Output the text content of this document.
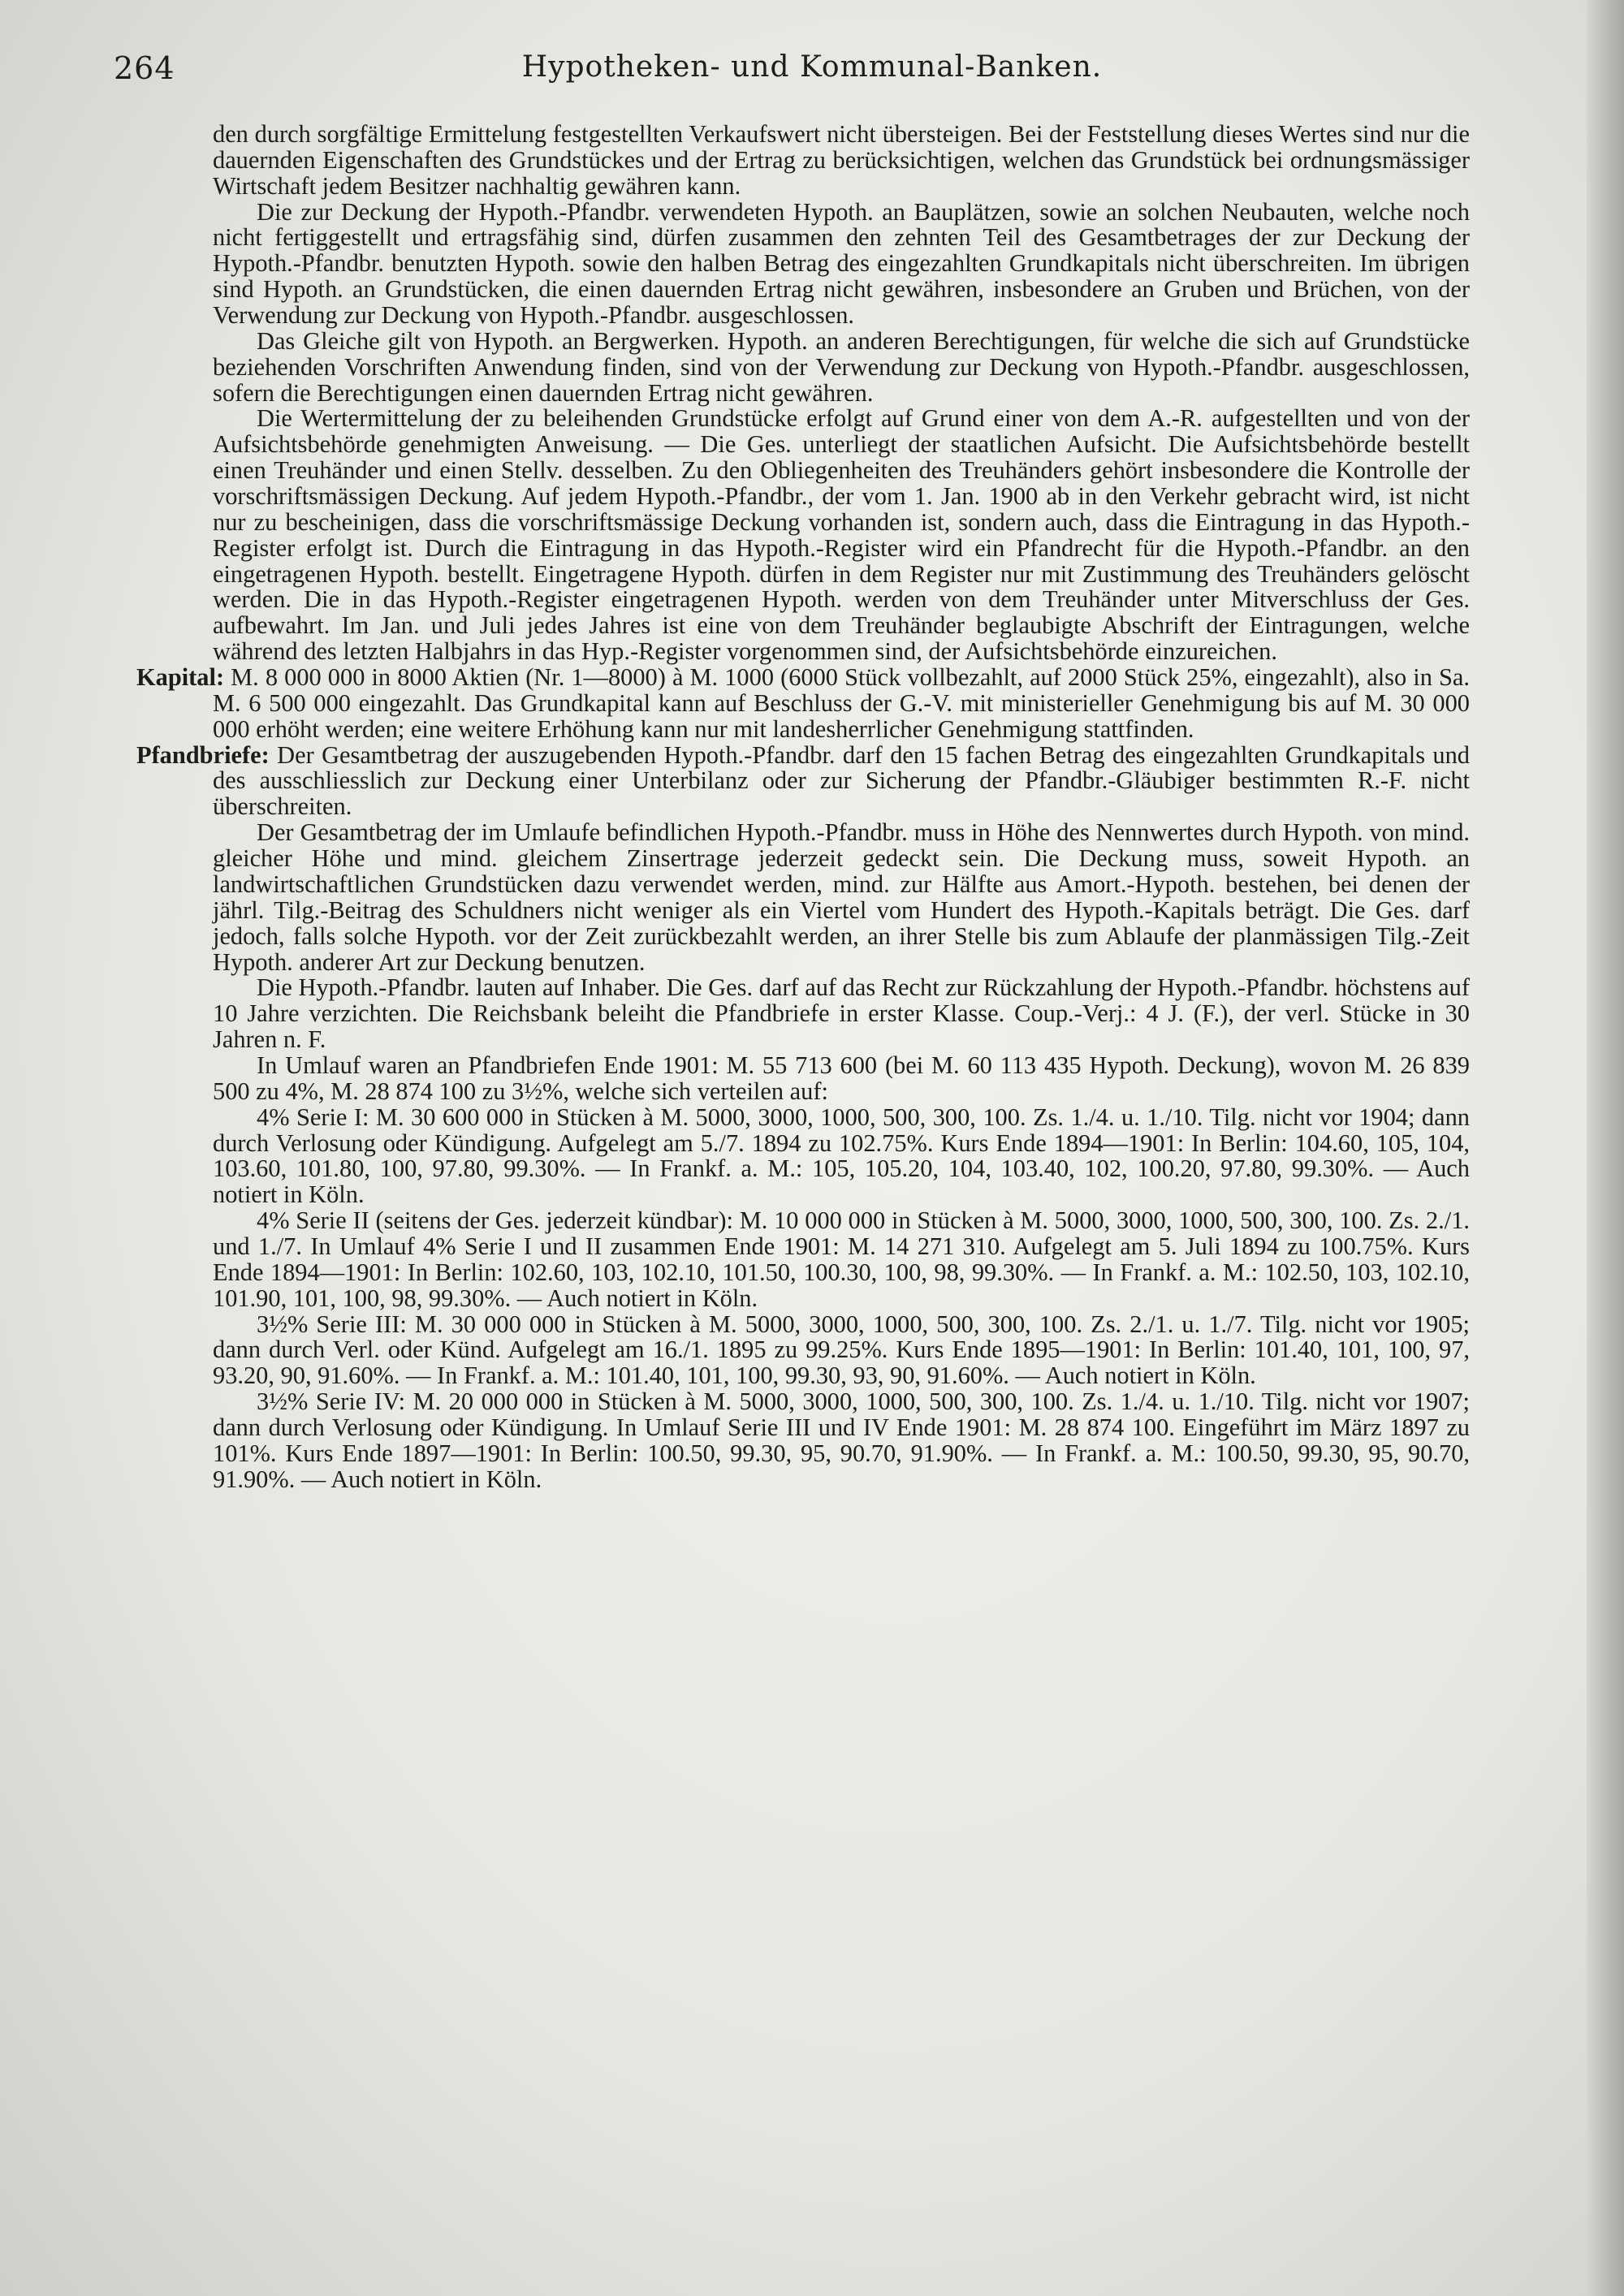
264	Hypotheken- und Kommunal-Banken.

den durch sorgfältige Ermittelung festgestellten Verkaufswert nicht übersteigen. Bei der Feststellung dieses Wertes sind nur die dauernden Eigenschaften des Grundstückes und der Ertrag zu berücksichtigen, welchen das Grundstück bei ordnungsmässiger Wirtschaft jedem Besitzer nachhaltig gewähren kann.

Die zur Deckung der Hypoth.-Pfandbr. verwendeten Hypoth. an Bauplätzen, sowie an solchen Neubauten, welche noch nicht fertiggestellt und ertragsfähig sind, dürfen zusammen den zehnten Teil des Gesamtbetrages der zur Deckung der Hypoth.-Pfandbr. benutzten Hypoth. sowie den halben Betrag des eingezahlten Grundkapitals nicht überschreiten. Im übrigen sind Hypoth. an Grundstücken, die einen dauernden Ertrag nicht gewähren, insbesondere an Gruben und Brüchen, von der Verwendung zur Deckung von Hypoth.-Pfandbr. ausgeschlossen.

Das Gleiche gilt von Hypoth. an Bergwerken. Hypoth. an anderen Berechtigungen, für welche die sich auf Grundstücke beziehenden Vorschriften Anwendung finden, sind von der Verwendung zur Deckung von Hypoth.-Pfandbr. ausgeschlossen, sofern die Berechtigungen einen dauernden Ertrag nicht gewähren.

Die Wertermittelung der zu beleihenden Grundstücke erfolgt auf Grund einer von dem A.-R. aufgestellten und von der Aufsichtsbehörde genehmigten Anweisung. — Die Ges. unterliegt der staatlichen Aufsicht. Die Aufsichtsbehörde bestellt einen Treuhänder und einen Stellv. desselben. Zu den Obliegenheiten des Treuhänders gehört insbesondere die Kontrolle der vorschriftsmässigen Deckung. Auf jedem Hypoth.-Pfandbr., der vom 1. Jan. 1900 ab in den Verkehr gebracht wird, ist nicht nur zu bescheinigen, dass die vorschriftsmässige Deckung vorhanden ist, sondern auch, dass die Eintragung in das Hypoth.-Register erfolgt ist. Durch die Eintragung in das Hypoth.-Register wird ein Pfandrecht für die Hypoth.-Pfandbr. an den eingetragenen Hypoth. bestellt. Eingetragene Hypoth. dürfen in dem Register nur mit Zustimmung des Treuhänders gelöscht werden. Die in das Hypoth.-Register eingetragenen Hypoth. werden von dem Treuhänder unter Mitverschluss der Ges. aufbewahrt. Im Jan. und Juli jedes Jahres ist eine von dem Treuhänder beglaubigte Abschrift der Eintragungen, welche während des letzten Halbjahrs in das Hyp.-Register vorgenommen sind, der Aufsichtsbehörde einzureichen.

Kapital: M. 8 000 000 in 8000 Aktien (Nr. 1—8000) à M. 1000 (6000 Stück vollbezahlt, auf 2000 Stück 25%, eingezahlt), also in Sa. M. 6 500 000 eingezahlt. Das Grundkapital kann auf Beschluss der G.-V. mit ministerieller Genehmigung bis auf M. 30 000 000 erhöht werden; eine weitere Erhöhung kann nur mit landesherrlicher Genehmigung stattfinden.

Pfandbriefe: Der Gesamtbetrag der auszugebenden Hypoth.-Pfandbr. darf den 15 fachen Betrag des eingezahlten Grundkapitals und des ausschliesslich zur Deckung einer Unterbilanz oder zur Sicherung der Pfandbr.-Gläubiger bestimmten R.-F. nicht überschreiten.

Der Gesamtbetrag der im Umlaufe befindlichen Hypoth.-Pfandbr. muss in Höhe des Nennwertes durch Hypoth. von mind. gleicher Höhe und mind. gleichem Zinsertrage jederzeit gedeckt sein. Die Deckung muss, soweit Hypoth. an landwirtschaftlichen Grundstücken dazu verwendet werden, mind. zur Hälfte aus Amort.-Hypoth. bestehen, bei denen der jährl. Tilg.-Beitrag des Schuldners nicht weniger als ein Viertel vom Hundert des Hypoth.-Kapitals beträgt. Die Ges. darf jedoch, falls solche Hypoth. vor der Zeit zurückbezahlt werden, an ihrer Stelle bis zum Ablaufe der planmässigen Tilg.-Zeit Hypoth. anderer Art zur Deckung benutzen.

Die Hypoth.-Pfandbr. lauten auf Inhaber. Die Ges. darf auf das Recht zur Rückzahlung der Hypoth.-Pfandbr. höchstens auf 10 Jahre verzichten. Die Reichsbank beleiht die Pfandbriefe in erster Klasse. Coup.-Verj.: 4 J. (F.), der verl. Stücke in 30 Jahren n. F.

In Umlauf waren an Pfandbriefen Ende 1901: M. 55 713 600 (bei M. 60 113 435 Hypoth. Deckung), wovon M. 26 839 500 zu 4%, M. 28 874 100 zu 3½%, welche sich verteilen auf:

4% Serie I: M. 30 600 000 in Stücken à M. 5000, 3000, 1000, 500, 300, 100. Zs. 1./4. u. 1./10. Tilg. nicht vor 1904; dann durch Verlosung oder Kündigung. Aufgelegt am 5./7. 1894 zu 102.75%. Kurs Ende 1894—1901: In Berlin: 104.60, 105, 104, 103.60, 101.80, 100, 97.80, 99.30%. — In Frankf. a. M.: 105, 105.20, 104, 103.40, 102, 100.20, 97.80, 99.30%. — Auch notiert in Köln.

4% Serie II (seitens der Ges. jederzeit kündbar): M. 10 000 000 in Stücken à M. 5000, 3000, 1000, 500, 300, 100. Zs. 2./1. und 1./7. In Umlauf 4% Serie I und II zusammen Ende 1901: M. 14 271 310. Aufgelegt am 5. Juli 1894 zu 100.75%. Kurs Ende 1894—1901: In Berlin: 102.60, 103, 102.10, 101.50, 100.30, 100, 98, 99.30%. — In Frankf. a. M.: 102.50, 103, 102.10, 101.90, 101, 100, 98, 99.30%. — Auch notiert in Köln.

3½% Serie III: M. 30 000 000 in Stücken à M. 5000, 3000, 1000, 500, 300, 100. Zs. 2./1. u. 1./7. Tilg. nicht vor 1905; dann durch Verl. oder Künd. Aufgelegt am 16./1. 1895 zu 99.25%. Kurs Ende 1895—1901: In Berlin: 101.40, 101, 100, 97, 93.20, 90, 91.60%. — In Frankf. a. M.: 101.40, 101, 100, 99.30, 93, 90, 91.60%. — Auch notiert in Köln.

3½% Serie IV: M. 20 000 000 in Stücken à M. 5000, 3000, 1000, 500, 300, 100. Zs. 1./4. u. 1./10. Tilg. nicht vor 1907; dann durch Verlosung oder Kündigung. In Umlauf Serie III und IV Ende 1901: M. 28 874 100. Eingeführt im März 1897 zu 101%. Kurs Ende 1897—1901: In Berlin: 100.50, 99.30, 95, 90.70, 91.90%. — In Frankf. a. M.: 100.50, 99.30, 95, 90.70, 91.90%. — Auch notiert in Köln.
